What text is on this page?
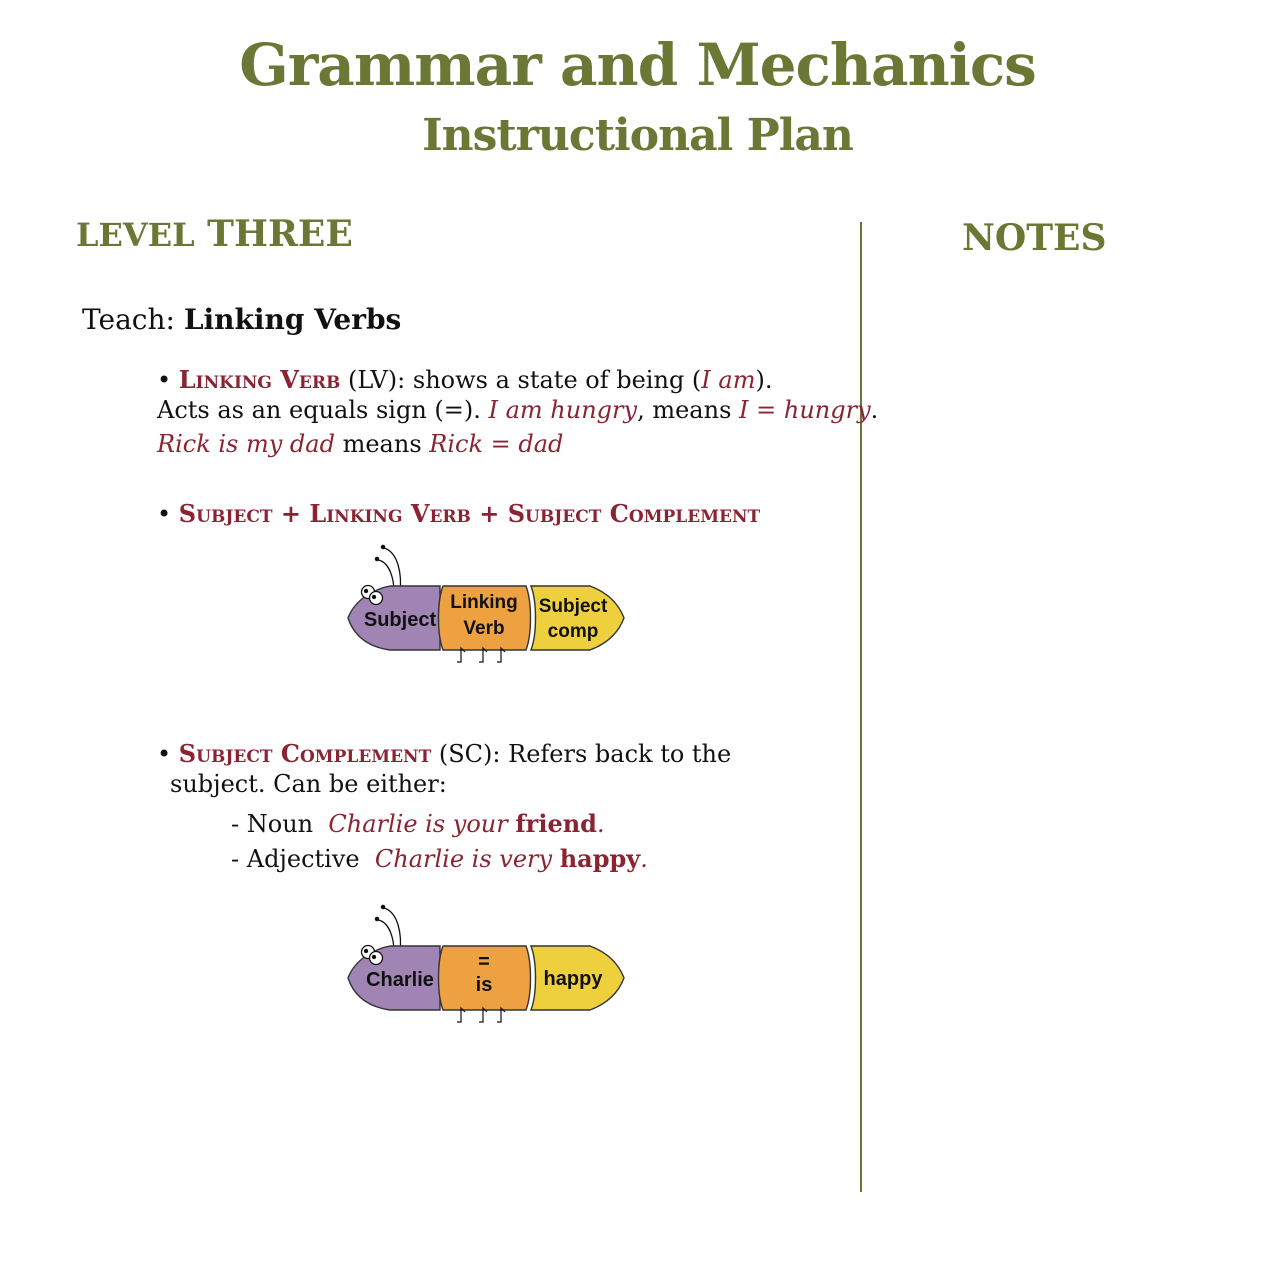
Grammar and Mechanics
Instructional Plan
LEVEL THREE	NOTES
Teach: Linking Verbs
• Linking Verb (LV): shows a state of being (I am).
Acts as an equals sign (=). I am hungry, means I = hungry.
Rick is my dad means Rick = dad
• Subject + Linking Verb + Subject Complement
Subject
Linking
Verb
Subject
comp
• Subject Complement (SC): Refers back to the
subject. Can be either:
- Noun Charlie is your friend.
- Adjective Charlie is very happy.
Charlie
=
is	happy
